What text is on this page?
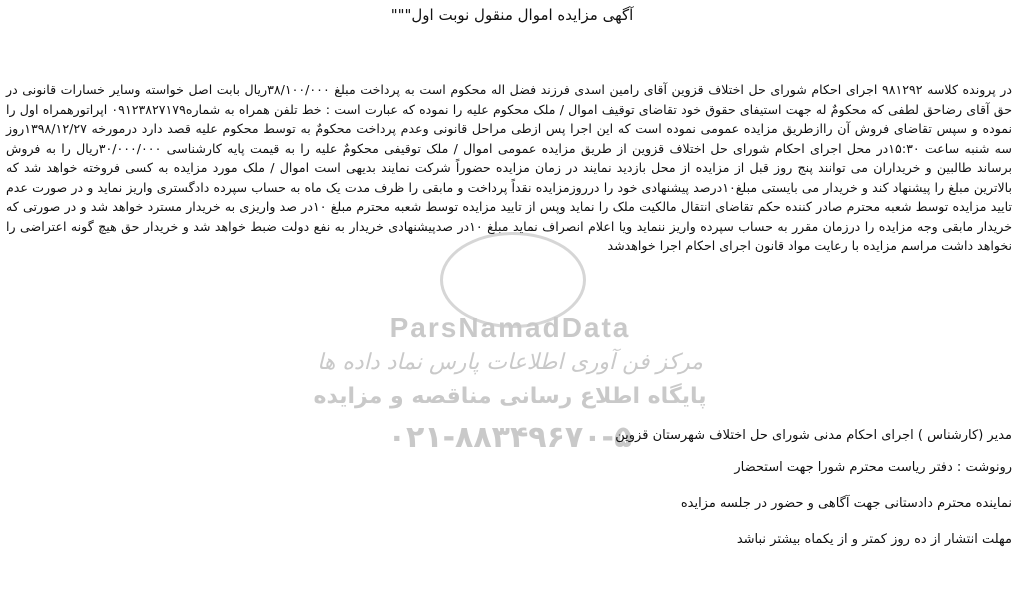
ParsNamadData
مرکز فن آوری اطلاعات پارس نماد داده ها
پایگاه اطلاع رسانی مناقصه و مزایده
۰۲۱-۸۸۳۴۹۶۷۰-۵
آگهی مزایده اموال منقول نوبت اول"""

در پرونده کلاسه ۹۸۱۲۹۲ اجرای احکام شورای حل اختلاف قزوین آقای رامین اسدی فرزند فضل اله محکوم است به پرداخت مبلغ ۳۸/۱۰۰/۰۰۰ریال بابت اصل خواسته وسایر خسارات قانونی در حق آقای رضاحق لطفی که محکومٌ له جهت استیفای حقوق خود تقاضای توقیف اموال / ملک محکوم علیه را نموده که عبارت است : خط تلفن همراه به شماره۰۹۱۲۳۸۲۷۱۷۹ اپراتورهمراه اول را نموده و سپس تقاضای فروش آن رااز‌طریق مزایده عمومی نموده است که این اجرا پس ازطی مراحل قانونی وعدم پرداخت محکومٌ به توسط محکوم علیه قصد دارد درمورخه ۱۳۹۸/۱۲/۲۷روز سه شنبه ساعت ۱۵:۳۰در محل اجرای احکام شورای حل اختلاف قزوین از طریق مزایده عمومی اموال / ملک توقیفی محکومٌ علیه را به قیمت پایه کارشناسی ۳۰/۰۰۰/۰۰۰ریال را به فروش برساند طالبین و خریداران می توانند پنج روز قبل از مزایده از محل بازدید نمایند در زمان مزایده حضوراً شرکت نمایند بدیهی است اموال / ملک مورد مزایده به کسی فروخته خواهد شد که بالاترین مبلغ را پیشنهاد کند و خریدار می بایستی مبلغ۱۰درصد پیشنهادی خود را درروزمزایده نقداً پرداخت و مابقی را ظرف مدت یک ماه به حساب سپرده دادگستری واریز نماید و در صورت عدم تایید مزایده توسط شعبه محترم صادر کننده حکم تقاضای انتقال مالکیت ملک را نماید وپس از تایید مزایده توسط شعبه محترم مبلغ ۱۰در صد واریزی به خریدار مسترد خواهد شد و در صورتی که خریدار مابقی وجه مزایده را درزمان مقرر به حساب سپرده واریز ننماید ویا اعلام انصراف نماید مبلغ ۱۰در صدپیشنهادی خریدار به نفع دولت ضبط خواهد شد و خریدار حق هیچ گونه اعتراضی را نخواهد داشت مراسم مزایده با رعایت مواد قانون اجرای احکام اجرا خواهدشد

مدیر (کارشناس ) اجرای احکام مدنی شورای حل اختلاف شهرستان قزوین

رونوشت : دفتر ریاست محترم شورا جهت استحضار

نماینده محترم دادستانی جهت آگاهی و حضور در جلسه مزایده

مهلت انتشار از ده روز کمتر و از یکماه بیشتر نباشد
